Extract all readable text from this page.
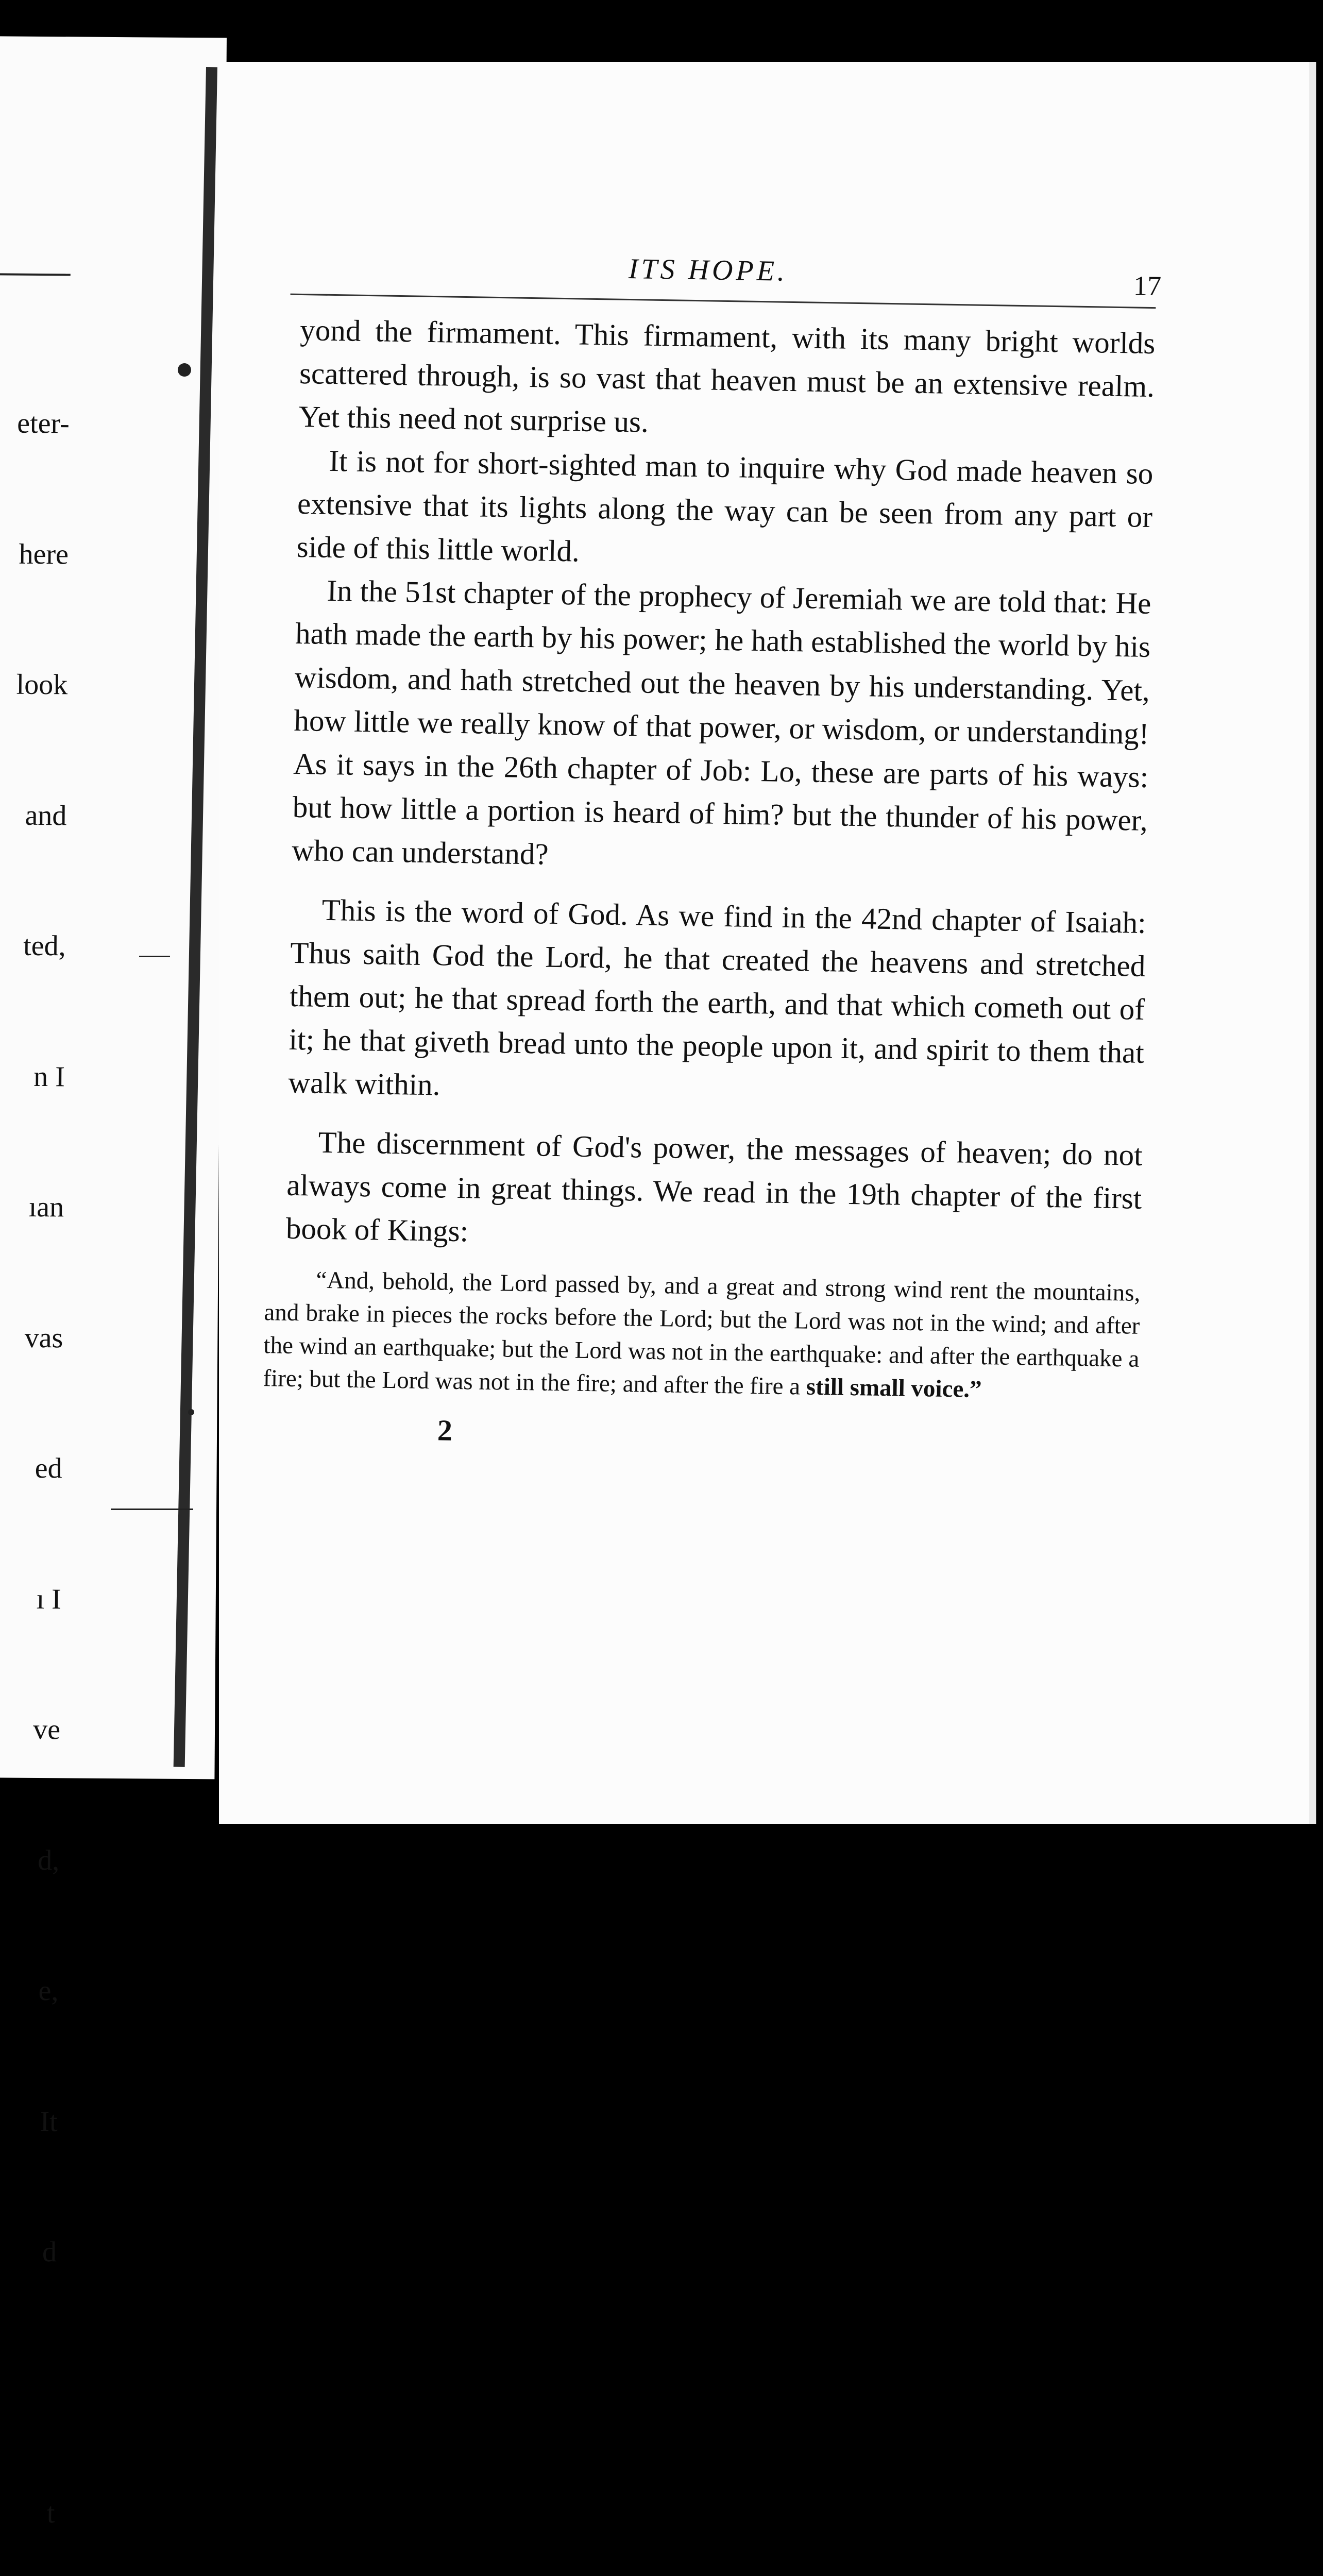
eter-

here

look

and

ted,

n I

ıan

vas

ed

ı I

ve

d,

e,

It

d

t

ITS HOPE.	17

yond the firmament. This firmament, with its many bright worlds scattered through, is so vast that heaven must be an extensive realm. Yet this need not surprise us.

It is not for short-sighted man to inquire why God made heaven so extensive that its lights along the way can be seen from any part or side of this little world.

In the 51st chapter of the prophecy of Jeremiah we are told that: He hath made the earth by his power; he hath established the world by his wisdom, and hath stretched out the heaven by his understanding. Yet, how little we really know of that power, or wisdom, or understanding! As it says in the 26th chapter of Job: Lo, these are parts of his ways: but how little a portion is heard of him? but the thunder of his power, who can understand?

This is the word of God. As we find in the 42nd chapter of Isaiah: Thus saith God the Lord, he that created the heavens and stretched them out; he that spread forth the earth, and that which cometh out of it; he that giveth bread unto the people upon it, and spirit to them that walk within.

The discernment of God's power, the messages of heaven; do not always come in great things. We read in the 19th chapter of the first book of Kings:

“And, behold, the Lord passed by, and a great and strong wind rent the mountains, and brake in pieces the rocks before the Lord; but the Lord was not in the wind; and after the wind an earthquake; but the Lord was not in the earthquake: and after the earthquake a fire; but the Lord was not in the fire; and after the fire a still small voice.”
2
